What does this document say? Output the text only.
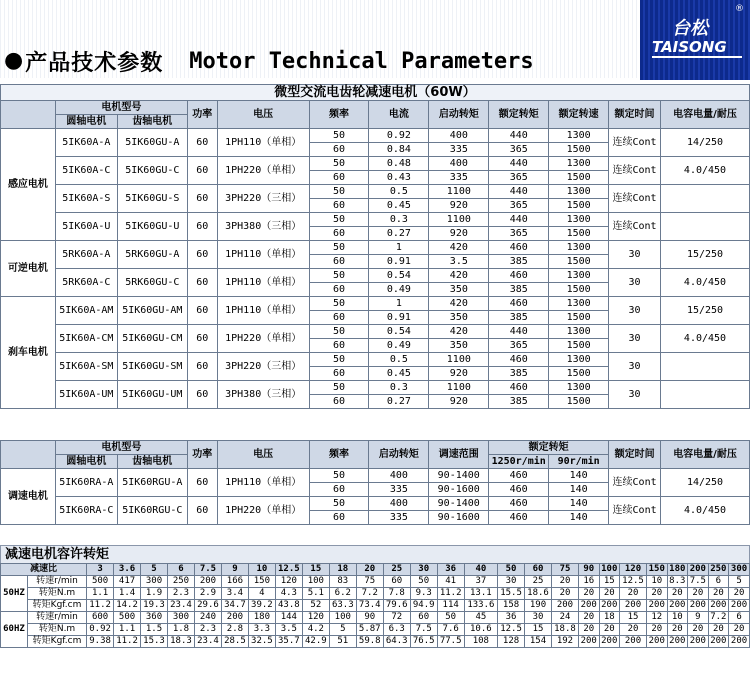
● 产品技术参数 Motor Technical Parameters
台松
®
TAISONG
微型交流电齿轮减速电机（60W）											
	电机型号		功率	电压	频率	电流	启动转矩	额定转矩	额定转速	额定时间	电容电量/耐压
	圆轴电机	齿轴电机									
感应电机	5IK60A-A	5IK60GU-A	60	1PH110（单相）	50	0.92	400	440	1300	连续Cont	14/250
					60	0.84	335	365	1500		
	5IK60A-C	5IK60GU-C	60	1PH220（单相）	50	0.48	400	440	1300	连续Cont	4.0/450
					60	0.43	335	365	1500		
	5IK60A-S	5IK60GU-S	60	3PH220（三相）	50	0.5	1100	440	1300	连续Cont	
					60	0.45	920	365	1500		
	5IK60A-U	5IK60GU-U	60	3PH380（三相）	50	0.3	1100	440	1300	连续Cont	
					60	0.27	920	365	1500		
可逆电机	5RK60A-A	5RK60GU-A	60	1PH110（单相）	50	1	420	460	1300	30	15/250
					60	0.91	3.5	385	1500		
	5RK60A-C	5RK60GU-C	60	1PH110（单相）	50	0.54	420	460	1300	30	4.0/450
					60	0.49	350	385	1500		
刹车电机	5IK60A-AM	5IK60GU-AM	60	1PH110（单相）	50	1	420	460	1300	30	15/250
					60	0.91	350	385	1500		
	5IK60A-CM	5IK60GU-CM	60	1PH220（单相）	50	0.54	420	440	1300	30	4.0/450
					60	0.49	350	365	1500		
	5IK60A-SM	5IK60GU-SM	60	3PH220（三相）	50	0.5	1100	460	1300	30	
					60	0.45	920	385	1500		
	5IK60A-UM	5IK60GU-UM	60	3PH380（三相）	50	0.3	1100	460	1300	30	
					60	0.27	920	385	1500		
	电机型号		功率	电压	频率	启动转矩	调速范围	额定转矩		额定时间	电容电量/耐压
	圆轴电机	齿轴电机						1250r/min	90r/min		
调速电机	5IK60RA-A	5IK60RGU-A	60	1PH110（单相）	50	400	90-1400	460	140	连续Cont	14/250
					60	335	90-1600	460	140		
	5IK60RA-C	5IK60RGU-C	60	1PH220（单相）	50	400	90-1400	460	140	连续Cont	4.0/450
					60	335	90-1600	460	140		
减速电机容许转矩
减速比		3	3.6	5	6	7.5	9	10	12.5	15	18	20	25	30	36	40	50	60	75	90	100	120	150	180	200	250	300
50HZ	转速r/min	500	417	300	250	200	166	150	120	100	83	75	60	50	41	37	30	25	20	16	15	12.5	10	8.3	7.5	6	5
	转矩N.m	1.1	1.4	1.9	2.3	2.9	3.4	4	4.3	5.1	6.2	7.2	7.8	9.3	11.2	13.1	15.5	18.6	20	20	20	20	20	20	20	20	20
	转矩Kgf.cm	11.2	14.2	19.3	23.4	29.6	34.7	39.2	43.8	52	63.3	73.4	79.6	94.9	114	133.6	158	190	200	200	200	200	200	200	200	200	200
60HZ	转速r/min	600	500	360	300	240	200	180	144	120	100	90	72	60	50	45	36	30	24	20	18	15	12	10	9	7.2	6
	转矩N.m	0.92	1.1	1.5	1.8	2.3	2.8	3.3	3.5	4.2	5	5.87	6.3	7.5	7.6	10.6	12.5	15	18.8	20	20	20	20	20	20	20	20
	转矩Kgf.cm	9.38	11.2	15.3	18.3	23.4	28.5	32.5	35.7	42.9	51	59.8	64.3	76.5	77.5	108	128	154	192	200	200	200	200	200	200	200	200
